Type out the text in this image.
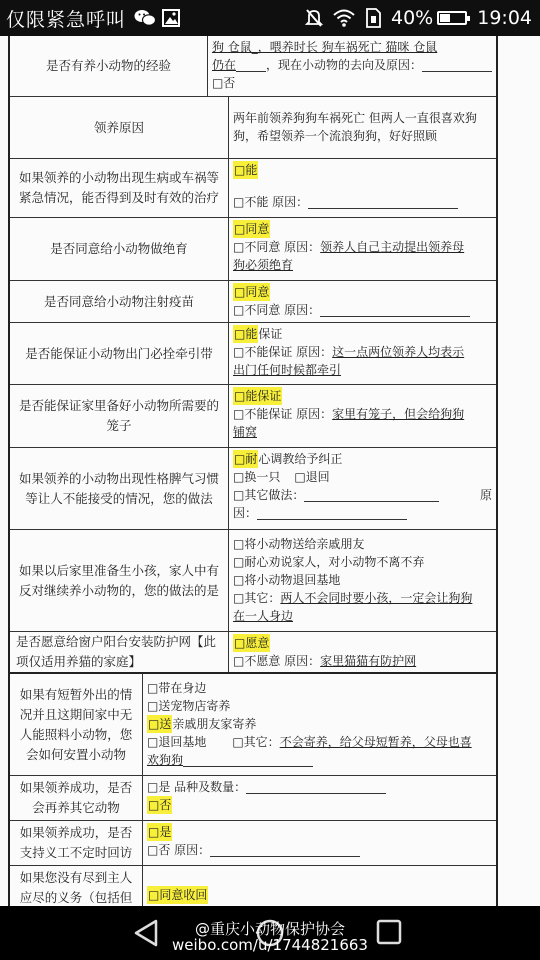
仅限紧急呼叫	40% 19:04
是否有养小动物的经验
狗 仓鼠_，喂养时长 狗车祸死亡 猫咪 仓鼠
仍在	，现在小动物的去向及原因：
□否
领养原因
两年前领养狗狗车祸死亡 但两人一直很喜欢狗
狗，希望领养一个流浪狗狗，好好照顾
如果领养的小动物出现生病或车祸等紧急情况，能否得到及时有效的治疗
□能
□不能 原因：
是否同意给小动物做绝育
□同意
□不同意 原因： 领养人自己主动提出领养母
狗必须绝育
是否同意给小动物注射疫苗
□同意
□不同意 原因：
是否能保证小动物出门必拴牵引带
□能 保证
□不能保证 原因： 这一点两位领养人均表示
出门任何时候都牵引
是否能保证家里备好小动物所需要的笼子
□能保证
□不能保证 原因： 家里有笼子，但会给狗狗
铺窝
如果领养的小动物出现性格脾气习惯等让人不能接受的情况，您的做法
□耐 心调教给予纠正
□换一只 □退回
□其它做法：	原
因：
如果以后家里准备生小孩，家人中有反对继续养小动物的，您的做法的是
□将小动物送给亲戚朋友
□耐心劝说家人，对小动物不离不弃
□将小动物退回基地
□其它： 两人不会同时要小孩，一定会让狗狗
在一人身边
是否愿意给窗户阳台安装防护网【此项仅适用养猫的家庭】
□愿意
□不愿意 原因： 家里猫猫有防护网
如果有短暂外出的情况并且这期间家中无人能照料小动物，您会如何安置小动物
□带在身边
□送宠物店寄养
□送 亲戚朋友家寄养
□退回基地 □其它： 不会寄养，给父母短暂养，父母也喜
欢狗狗
如果领养成功，是否会再养其它动物
□是 品种及数量：
□否
如果领养成功，是否支持义工不定时回访
□是
□否 原因：
如果您没有尽到主人应尽的义务（包括但	□同意收回
@重庆小动物保护协会
weibo.com/u/1744821663
